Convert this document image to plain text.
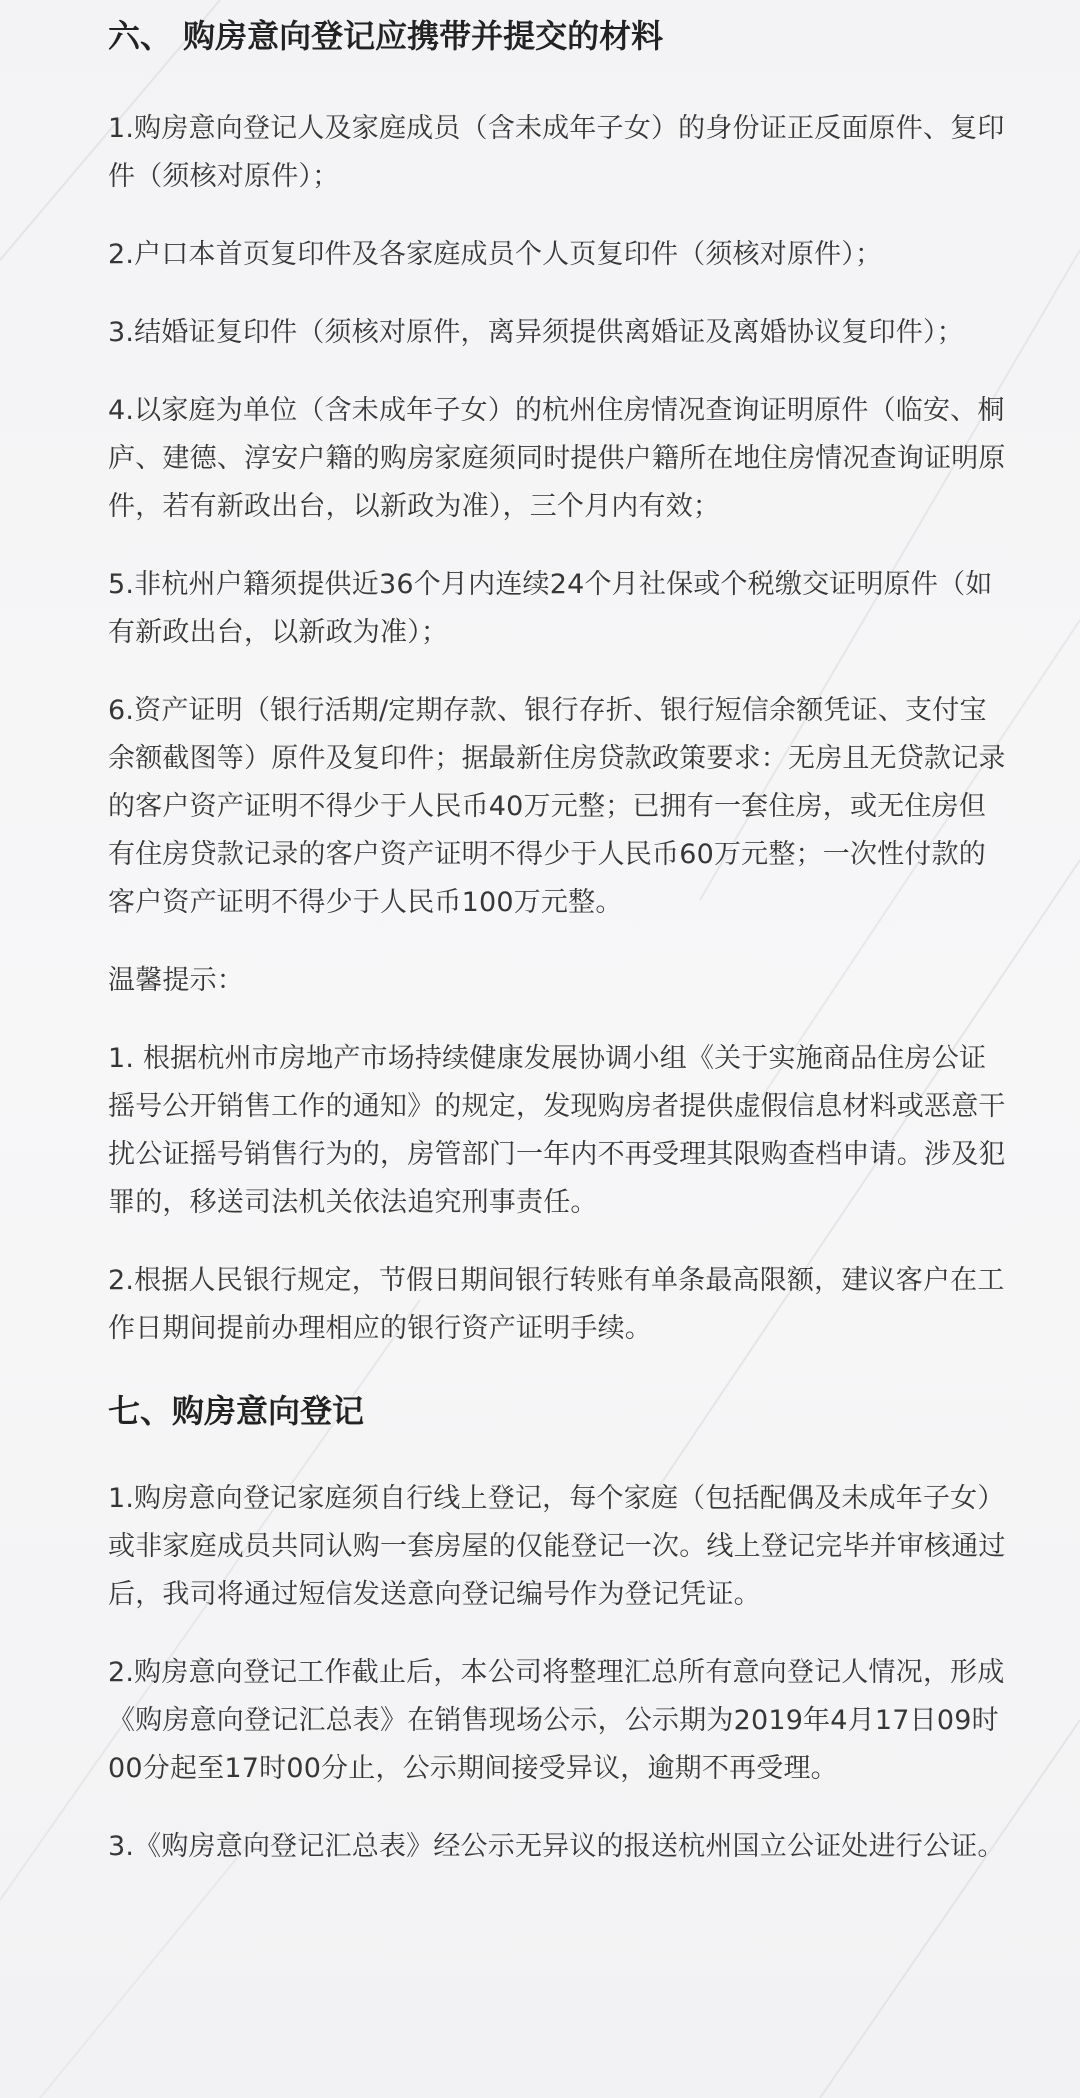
六、 购房意向登记应携带并提交的材料

1.购房意向登记人及家庭成员（含未成年子女）的身份证正反面原件、复印件（须核对原件）；

2.户口本首页复印件及各家庭成员个人页复印件（须核对原件）；

3.结婚证复印件（须核对原件，离异须提供离婚证及离婚协议复印件）；

4.以家庭为单位（含未成年子女）的杭州住房情况查询证明原件（临安、桐庐、建德、淳安户籍的购房家庭须同时提供户籍所在地住房情况查询证明原件，若有新政出台，以新政为准），三个月内有效；

5.非杭州户籍须提供近36个月内连续24个月社保或个税缴交证明原件（如有新政出台，以新政为准）；

6.资产证明（银行活期/定期存款、银行存折、银行短信余额凭证、支付宝余额截图等）原件及复印件；据最新住房贷款政策要求：无房且无贷款记录的客户资产证明不得少于人民币40万元整；已拥有一套住房，或无住房但有住房贷款记录的客户资产证明不得少于人民币60万元整；一次性付款的客户资产证明不得少于人民币100万元整。

温馨提示：

1. 根据杭州市房地产市场持续健康发展协调小组《关于实施商品住房公证摇号公开销售工作的通知》的规定，发现购房者提供虚假信息材料或恶意干扰公证摇号销售行为的，房管部门一年内不再受理其限购查档申请。涉及犯罪的，移送司法机关依法追究刑事责任。

2.根据人民银行规定，节假日期间银行转账有单条最高限额，建议客户在工作日期间提前办理相应的银行资产证明手续。

七、购房意向登记

1.购房意向登记家庭须自行线上登记，每个家庭（包括配偶及未成年子女）或非家庭成员共同认购一套房屋的仅能登记一次。线上登记完毕并审核通过后，我司将通过短信发送意向登记编号作为登记凭证。

2.购房意向登记工作截止后，本公司将整理汇总所有意向登记人情况，形成《购房意向登记汇总表》在销售现场公示，公示期为2019年4月17日09时00分起至17时00分止，公示期间接受异议，逾期不再受理。

3.《购房意向登记汇总表》经公示无异议的报送杭州国立公证处进行公证。
